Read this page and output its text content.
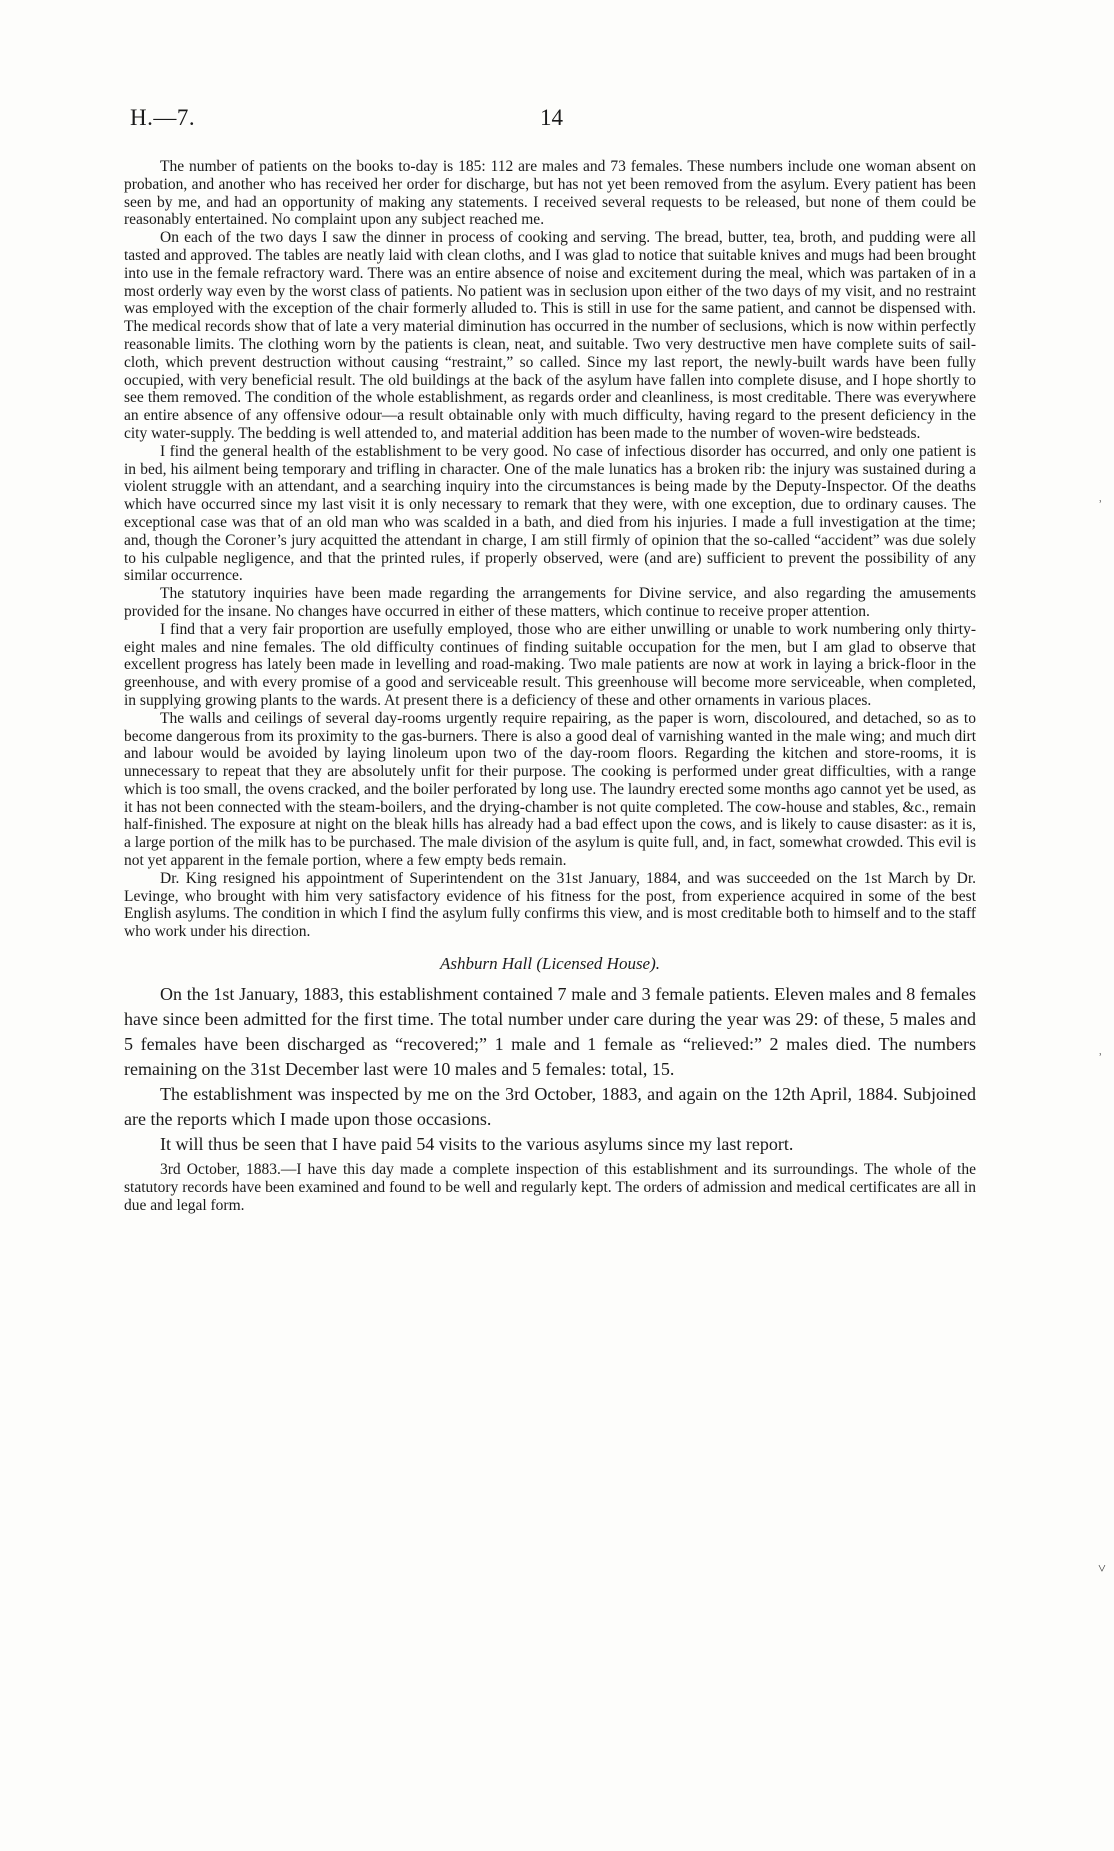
H.—7.	14

The number of patients on the books to-day is 185: 112 are males and 73 females. These numbers include one woman absent on probation, and another who has received her order for discharge, but has not yet been removed from the asylum. Every patient has been seen by me, and had an opportunity of making any statements. I received several requests to be released, but none of them could be reasonably entertained. No complaint upon any subject reached me.

On each of the two days I saw the dinner in process of cooking and serving. The bread, butter, tea, broth, and pudding were all tasted and approved. The tables are neatly laid with clean cloths, and I was glad to notice that suitable knives and mugs had been brought into use in the female refractory ward. There was an entire absence of noise and excitement during the meal, which was partaken of in a most orderly way even by the worst class of patients. No patient was in seclusion upon either of the two days of my visit, and no restraint was employed with the exception of the chair formerly alluded to. This is still in use for the same patient, and cannot be dispensed with. The medical records show that of late a very material diminution has occurred in the number of seclusions, which is now within perfectly reasonable limits. The clothing worn by the patients is clean, neat, and suitable. Two very destructive men have complete suits of sail-cloth, which prevent destruction without causing “restraint,” so called. Since my last report, the newly-built wards have been fully occupied, with very beneficial result. The old buildings at the back of the asylum have fallen into complete disuse, and I hope shortly to see them removed. The condition of the whole establishment, as regards order and cleanliness, is most creditable. There was everywhere an entire absence of any offensive odour—a result obtainable only with much difficulty, having regard to the present deficiency in the city water-supply. The bedding is well attended to, and material addition has been made to the number of woven-wire bedsteads.

I find the general health of the establishment to be very good. No case of infectious disorder has occurred, and only one patient is in bed, his ailment being temporary and trifling in character. One of the male lunatics has a broken rib: the injury was sustained during a violent struggle with an attendant, and a searching inquiry into the circumstances is being made by the Deputy-Inspector. Of the deaths which have occurred since my last visit it is only necessary to remark that they were, with one exception, due to ordinary causes. The exceptional case was that of an old man who was scalded in a bath, and died from his injuries. I made a full investigation at the time; and, though the Coroner’s jury acquitted the attendant in charge, I am still firmly of opinion that the so-called “accident” was due solely to his culpable negligence, and that the printed rules, if properly observed, were (and are) sufficient to prevent the possibility of any similar occurrence.

The statutory inquiries have been made regarding the arrangements for Divine service, and also regarding the amusements provided for the insane. No changes have occurred in either of these matters, which continue to receive proper attention.

I find that a very fair proportion are usefully employed, those who are either unwilling or unable to work numbering only thirty-eight males and nine females. The old difficulty continues of finding suitable occupation for the men, but I am glad to observe that excellent progress has lately been made in levelling and road-making. Two male patients are now at work in laying a brick-floor in the greenhouse, and with every promise of a good and serviceable result. This greenhouse will become more serviceable, when completed, in supplying growing plants to the wards. At present there is a deficiency of these and other ornaments in various places.

The walls and ceilings of several day-rooms urgently require repairing, as the paper is worn, discoloured, and detached, so as to become dangerous from its proximity to the gas-burners. There is also a good deal of varnishing wanted in the male wing; and much dirt and labour would be avoided by laying linoleum upon two of the day-room floors. Regarding the kitchen and store-rooms, it is unnecessary to repeat that they are absolutely unfit for their purpose. The cooking is performed under great difficulties, with a range which is too small, the ovens cracked, and the boiler perforated by long use. The laundry erected some months ago cannot yet be used, as it has not been connected with the steam-boilers, and the drying-chamber is not quite completed. The cow-house and stables, &c., remain half-finished. The exposure at night on the bleak hills has already had a bad effect upon the cows, and is likely to cause disaster: as it is, a large portion of the milk has to be purchased. The male division of the asylum is quite full, and, in fact, somewhat crowded. This evil is not yet apparent in the female portion, where a few empty beds remain.

Dr. King resigned his appointment of Superintendent on the 31st January, 1884, and was succeeded on the 1st March by Dr. Levinge, who brought with him very satisfactory evidence of his fitness for the post, from experience acquired in some of the best English asylums. The condition in which I find the asylum fully confirms this view, and is most creditable both to himself and to the staff who work under his direction.

Ashburn Hall (Licensed House).

On the 1st January, 1883, this establishment contained 7 male and 3 female patients. Eleven males and 8 females have since been admitted for the first time. The total number under care during the year was 29: of these, 5 males and 5 females have been discharged as “recovered;” 1 male and 1 female as “relieved:” 2 males died. The numbers remaining on the 31st December last were 10 males and 5 females: total, 15.

The establishment was inspected by me on the 3rd October, 1883, and again on the 12th April, 1884. Subjoined are the reports which I made upon those occasions.

It will thus be seen that I have paid 54 visits to the various asylums since my last report.

3rd October, 1883.—I have this day made a complete inspection of this establishment and its surroundings. The whole of the statutory records have been examined and found to be well and regularly kept. The orders of admission and medical certificates are all in due and legal form.

˒
˒
˅
